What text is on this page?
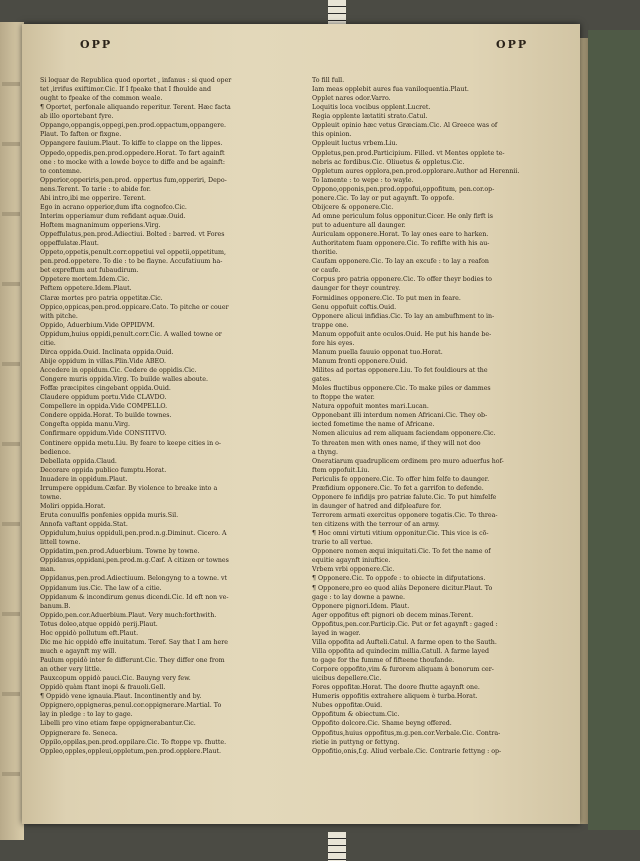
OPP	OPP
Si loquar de Republica quod oportet , infanus : si quod oper
tet ,irrifus exiftimor.Cic. If I fpeake that I fhoulde and
ought to fpeake of the common weale.
¶ Oportet, perfonale aliquando reperitur. Terent. Hæc facta
ab illo oportebant fyre.
Oppango,oppangis,oppegi,pen.prod.oppactum,oppangere.
Plaut. To faften or fixgne.
Oppangere fauium.Plaut. To kiffe to clappe on the lippes.
Oppedo,oppedis,pen.prod.oppedere.Horat. To fart againft
one : to mocke with a lowde boyce to diffe and be againft:
to contemne.
Opperior,opperiris,pen.prod. oppertus fum,opperiri, Depo-
nens.Terent. To tarie : to abide for.
Abi intro,ibi me opperire. Terent.
Ego in acrano opperior,dum ifta cognofco.Cic.
Interim opperiamur dum refidant aquæ.Ouid.
Hoftem magnanimum opperiens.Virg.
Oppeffulatus,pen.prod.Adiectiui. Bolted : barred. vt Fores
oppeffulatæ.Plaut.
Oppeto,oppetis,penult.corr.oppetiui vel oppetii,oppetitum,
pen.prod.oppetere. To die : to be flayne. Accufatiuum ha-
bet expreffum aut fubaudirum.
Oppetere mortem.Idem.Cic.
Peftem oppetere.Idem.Plaut.
Claræ mortes pro patria oppetitæ.Cic.
Oppico,oppicas,pen.prod.oppicare.Cato. To pitche or couer
with pitche.
Oppido, Aduerbium.Vide OPPIDVM.
Oppidum,huius oppidi,penult.corr.Cic. A walled towne or
citie.
Dirca oppida.Ouid. Inclinata oppida.Ouid.
Abije oppidum in villas.Plin.Vide ABEO.
Accedere in oppidum.Cic. Cedere de oppidis.Cic.
Congere muris oppida.Virg. To builde walles aboute.
Foffæ præcipites cingebant oppida.Ouid.
Claudere oppidum portu.Vide CLAVDO.
Compellere in oppida.Vide COMPELLO.
Condere oppida.Horat. To builde townes.
Congefta oppida manu.Virg.
Confirmare oppidum.Vide CONSTITVO.
Continere oppida metu.Liu. By feare to keepe cities in o-
bedience.
Debellata oppida.Claud.
Decorare oppida publico fumptu.Horat.
Inuadere in oppidum.Plaut.
Irrumpere oppidum.Cæfar. By violence to breake into a
towne.
Moliri oppida.Horat.
Eruta conuulfis ponfenies oppida muris.Sil.
Annofa vaftant oppida.Stat.
Oppidulum,huius oppiduli,pen.prod.n.g.Diminut. Cicero. A
littell towne.
Oppidatim,pen.prod.Aduerbium. Towne by towne.
Oppidanus,oppidani,pen.prod.m.g.Cæf. A citizen or townes
man.
Oppidanus,pen.prod.Adiectiuum. Belongyng to a towne. vt
Oppidanum ius.Cic. The law of a citie.
Oppidanum & incondirum genus dicendi.Cic. Id eft non ve-
banum.B.
Oppido,pen.cor.Aduerbium.Plaut. Very much:forthwith.
Totus doleo,atque oppidò perij.Plaut.
Hoc oppidò pollutum eft.Plaut.
Dic me hic oppidò effe inuitatum. Teref. Say that I am here
much e agaynft my will.
Paulum oppidò inter fe differunt.Cic. They differ one from
an other very little.
Pauxcopum oppidò pauci.Cic. Bauyng very few.
Oppidò quàm ftant inopi & frauoli.Gell.
¶ Oppidò vene ignauia.Plaut. Incontinently and by.
Oppignero,oppigneras,penul.cor.oppignerare.Martial. To
lay in pledge : to lay to gage.
Libelli pro vino etiam fæpe oppignerabantur.Cic.
Oppignerare fe. Seneca.
Oppilo,oppilas,pen.prod.oppilare.Cic. To ftoppe vp. fhutte.
Oppleo,opples,oppleui,oppletum,pen.prod.opplere.Plaut.
To fill full.
Iam meas opplebit aures fua vaniloquentia.Plaut.
Opplet nares odor.Varro.
Loquitis loca vocibus opplent.Lucret.
Regia opplente lætatiti strato.Catul.
Oppleuit opinio hæc vetus Græciam.Cic. Al Greece was of
this opinion.
Oppleuit luctus vrbem.Liu.
Oppletus,pen.prod.Participium. Filled. vt Mentes opplete te-
nebris ac fordibus.Cic. Oliuetus & oppletus.Cic.
Oppletum aures opplora,pen.prod.opplorare.Author ad Herennii.
To lamente : to wepe : to wayle.
Oppono,opponis,pen.prod.oppofui,oppofitum, pen.cor.op-
ponere.Cic. To lay or put agaynft. To oppofe.
Obijcere & opponere.Cic.
Ad omne periculum folus opponitur.Cicer. He only firft is
put to aduenture all daunger.
Auriculam opponere.Horat. To lay ones eare to harken.
Authoritatem fuam opponere.Cic. To refifte with his au-
thoritie.
Caufam opponere.Cic. To lay an excufe : to lay a reafon
or caufe.
Corpus pro patria opponere.Cic. To offer theyr bodies to
daunger for theyr countrey.
Formidines opponere.Cic. To put men in feare.
Genu oppofuit coftis.Ouid.
Opponere alicui infidias.Cic. To lay an ambufhment to in-
trappe one.
Manum oppofuit ante oculos.Ouid. He put his hande be-
fore his eyes.
Manum puella fauuio opponat tuo.Horat.
Manum fronti opponere.Ouid.
Milites ad portas opponere.Liu. To fet fouldiours at the
gates.
Moles fluctibus opponere.Cic. To make piles or dammes
to ftoppe the water.
Natura oppofuit montes mari.Lucan.
Opponebant illi interdum nomen Africani.Cic. They ob-
iected fometime the name of Africane.
Nomen alicuius ad rem aliquam faciendam opponere.Cic.
To threaten men with ones name, if they will not doo
a thyng.
Oneratiarum quadruplicem ordinem pro muro aduerfus hof-
ftem oppofuit.Liu.
Periculis fe opponere.Cic. To offer him felfe to daunger.
Præfidium opponere.Cic. To fet a garrifon to defende.
Opponere fe infidijs pro patriæ falute.Cic. To put himfelfe
in daunger of hatred and difpleafure for.
Terrorem armati exercitus opponere togatis.Cic. To threa-
ten citizens with the terrour of an army.
¶ Hoc omni virtuti vitium opponitur.Cic. This vice is cõ-
trarie to all vertue.
Opponere nomen æqui iniquitati.Cic. To fet the name of
equitie agaynft iniuftice.
Vrbem vrbi opponere.Cic.
¶ Opponere.Cic. To oppofe : to obiecte in difputations.
¶ Opponere,pro eo quod aliàs Deponere dicitur.Plaut. To
gage : to lay downe a pawne.
Opponere pignori.Idem. Plaut.
Ager oppofitus eft pignori ob decem minas.Terent.
Oppofitus,pen.cor.Particip.Cic. Put or fet agaynft : gaged :
layed in wager.
Villa oppofita ad Aufteli.Catul. A farme open to the Sauth.
Villa oppofita ad quindecim millia.Catull. A farme layed
to gage for the fumme of fifteene thoufande.
Corpore oppofito,vim & furorem aliquam à bonorum cer-
uicibus depellere.Cic.
Fores oppofitæ.Horat. The doore fhutte agaynft one.
Humeris oppofitis extrahere aliquem è turba.Horat.
Nubes oppofitæ.Ouid.
Oppofitum & obiectum.Cic.
Oppofito dolcore.Cic. Shame beyng offered.
Oppofitus,huius oppofitus,m.g.pen.cor.Verbale.Cic. Contra-
rietie in puttyng or fettyng.
Oppofitio,onis,f.g. Aliud verbale.Cic. Contrarie fettyng : op-
